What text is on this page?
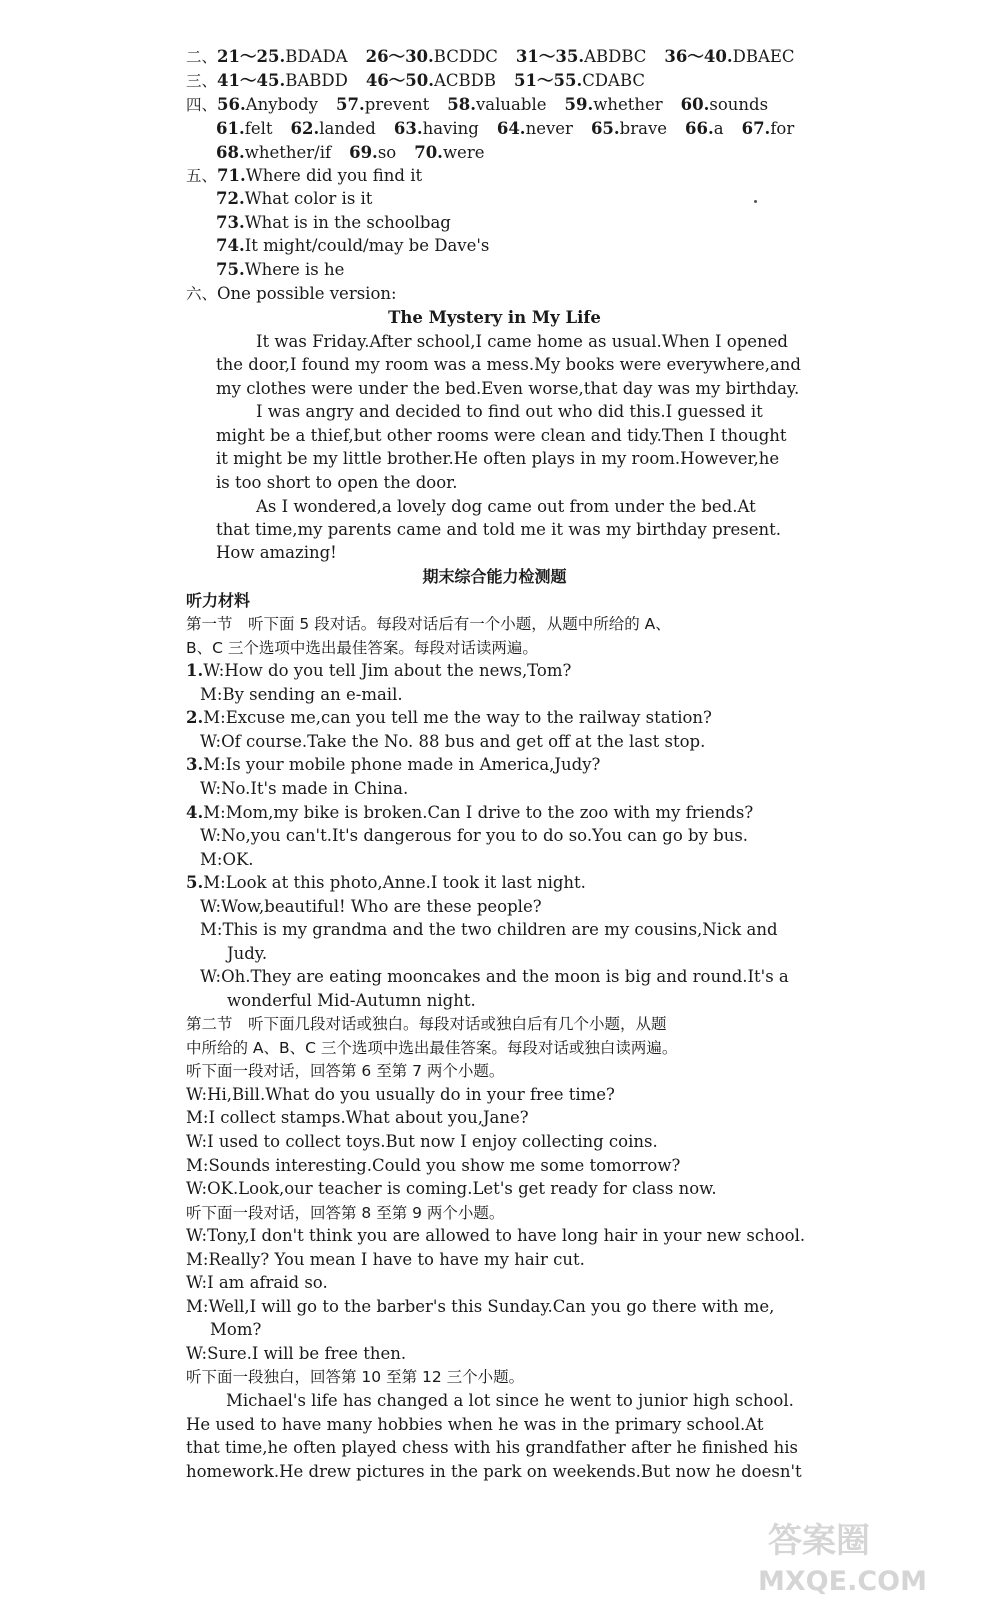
二、21～25.BDADA 26～30.BCDDC 31～35.ABDBC 36～40.DBAEC
三、41～45.BABDD 46～50.ACBDB 51～55.CDABC
四、56.Anybody 57.prevent 58.valuable 59.whether 60.sounds
61.felt 62.landed 63.having 64.never 65.brave 66.a 67.for
68.whether/if 69.so 70.were
五、71.Where did you find it
72.What color is it
73.What is in the schoolbag
74.It might/could/may be Dave's
75.Where is he
六、One possible version:
The Mystery in My Life
It was Friday.After school,I came home as usual.When I opened
the door,I found my room was a mess.My books were everywhere,and
my clothes were under the bed.Even worse,that day was my birthday.
I was angry and decided to find out who did this.I guessed it
might be a thief,but other rooms were clean and tidy.Then I thought
it might be my little brother.He often plays in my room.However,he
is too short to open the door.
As I wondered,a lovely dog came out from under the bed.At
that time,my parents came and told me it was my birthday present.
How amazing!
期末综合能力检测题
听力材料
第一节　听下面 5 段对话。每段对话后有一个小题，从题中所给的 A、
B、C 三个选项中选出最佳答案。每段对话读两遍。
1.W:How do you tell Jim about the news,Tom?
M:By sending an e-mail.
2.M:Excuse me,can you tell me the way to the railway station?
W:Of course.Take the No. 88 bus and get off at the last stop.
3.M:Is your mobile phone made in America,Judy?
W:No.It's made in China.
4.M:Mom,my bike is broken.Can I drive to the zoo with my friends?
W:No,you can't.It's dangerous for you to do so.You can go by bus.
M:OK.
5.M:Look at this photo,Anne.I took it last night.
W:Wow,beautiful! Who are these people?
M:This is my grandma and the two children are my cousins,Nick and
Judy.
W:Oh.They are eating mooncakes and the moon is big and round.It's a
wonderful Mid-Autumn night.
第二节　听下面几段对话或独白。每段对话或独白后有几个小题，从题
中所给的 A、B、C 三个选项中选出最佳答案。每段对话或独白读两遍。
听下面一段对话，回答第 6 至第 7 两个小题。
W:Hi,Bill.What do you usually do in your free time?
M:I collect stamps.What about you,Jane?
W:I used to collect toys.But now I enjoy collecting coins.
M:Sounds interesting.Could you show me some tomorrow?
W:OK.Look,our teacher is coming.Let's get ready for class now.
听下面一段对话，回答第 8 至第 9 两个小题。
W:Tony,I don't think you are allowed to have long hair in your new school.
M:Really? You mean I have to have my hair cut.
W:I am afraid so.
M:Well,I will go to the barber's this Sunday.Can you go there with me,
Mom?
W:Sure.I will be free then.
听下面一段独白，回答第 10 至第 12 三个小题。
Michael's life has changed a lot since he went to junior high school.
He used to have many hobbies when he was in the primary school.At
that time,he often played chess with his grandfather after he finished his
homework.He drew pictures in the park on weekends.But now he doesn't
答案圈
MXQE.COM
